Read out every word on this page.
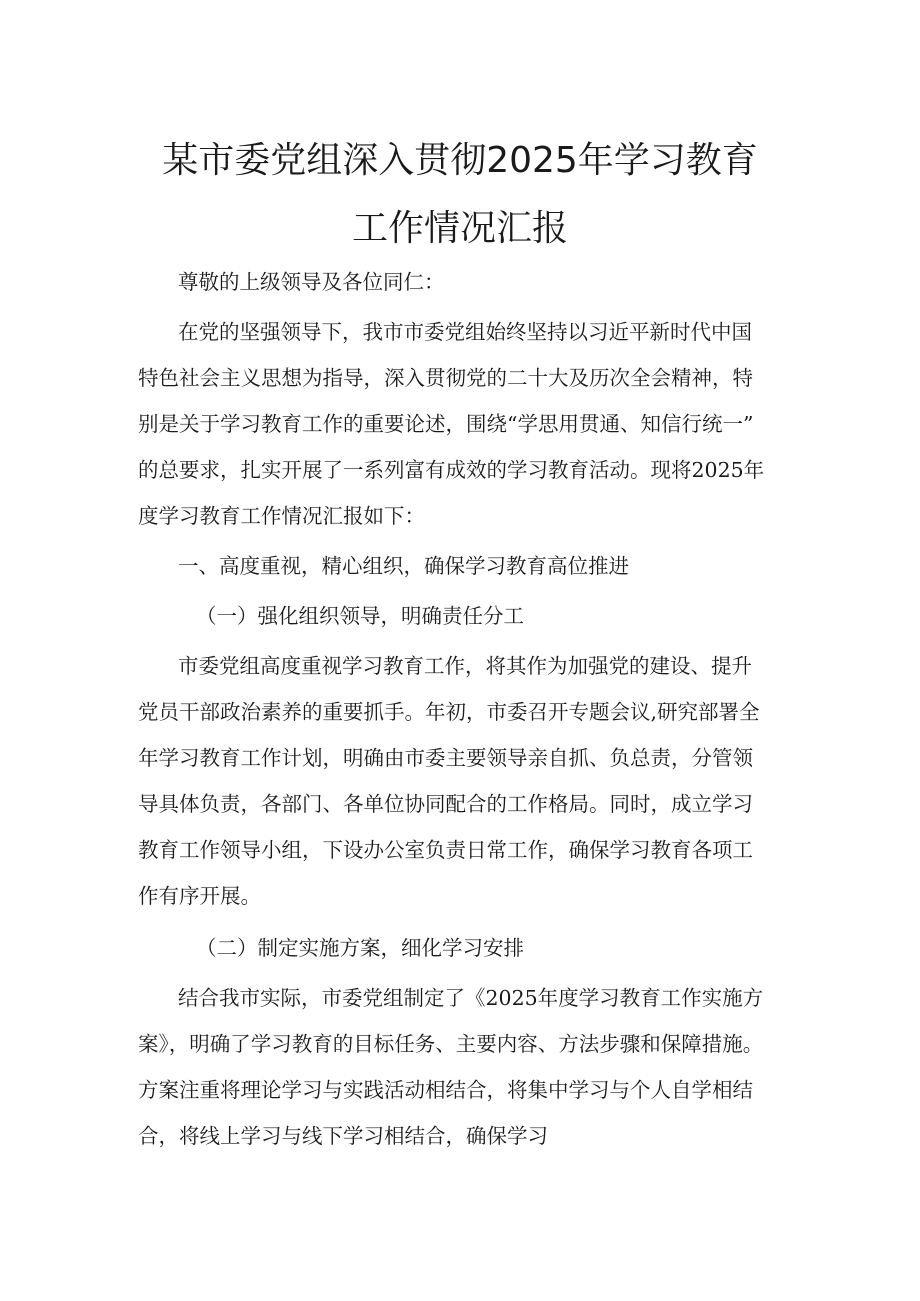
某市委党组深入贯彻2025年学习教育
工作情况汇报

尊敬的上级领导及各位同仁：

在党的坚强领导下，我市市委党组始终坚持以习近平新时代中国

特色社会主义思想为指导，深入贯彻党的二十大及历次全会精神，特

别是关于学习教育工作的重要论述，围绕“学思用贯通、知信行统一”

的总要求，扎实开展了一系列富有成效的学习教育活动。现将2025年

度学习教育工作情况汇报如下：

一、高度重视，精心组织，确保学习教育高位推进

（一）强化组织领导，明确责任分工

市委党组高度重视学习教育工作，将其作为加强党的建设、提升

党员干部政治素养的重要抓手。年初，市委召开专题会议,研究部署全

年学习教育工作计划，明确由市委主要领导亲自抓、负总责，分管领

导具体负责，各部门、各单位协同配合的工作格局。同时，成立学习

教育工作领导小组，下设办公室负责日常工作，确保学习教育各项工

作有序开展。

（二）制定实施方案，细化学习安排

结合我市实际，市委党组制定了《2025年度学习教育工作实施方

案》，明确了学习教育的目标任务、主要内容、方法步骤和保障措施。

方案注重将理论学习与实践活动相结合，将集中学习与个人自学相结

合，将线上学习与线下学习相结合，确保学习
